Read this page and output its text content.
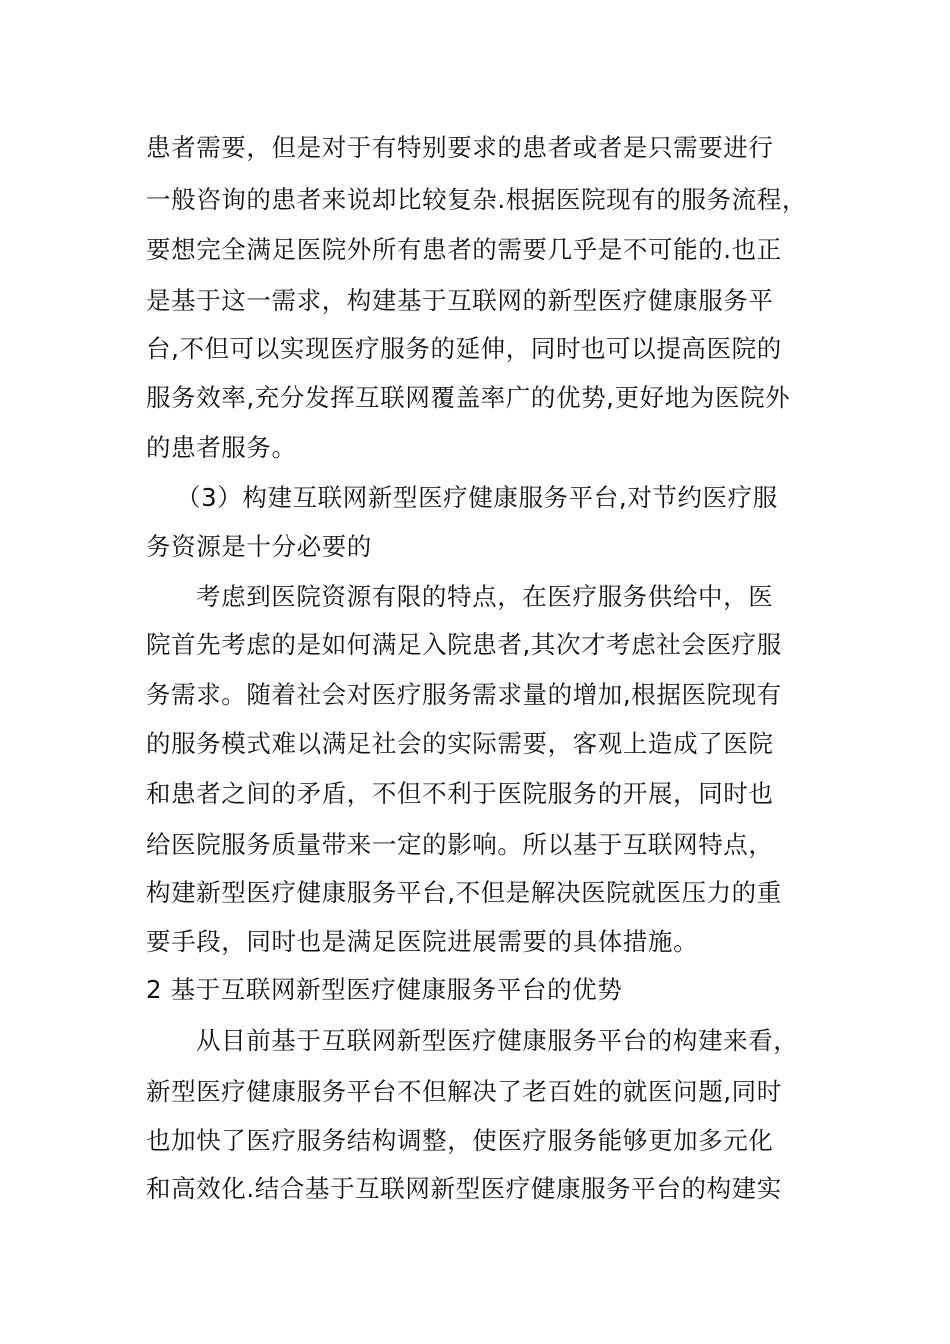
患者需要，但是对于有特别要求的患者或者是只需要进行
一般咨询的患者来说却比较复杂.根据医院现有的服务流程，
要想完全满足医院外所有患者的需要几乎是不可能的.也正
是基于这一需求，构建基于互联网的新型医疗健康服务平
台,不但可以实现医疗服务的延伸，同时也可以提高医院的
服务效率,充分发挥互联网覆盖率广的优势,更好地为医院外
的患者服务。
（3）构建互联网新型医疗健康服务平台,对节约医疗服
务资源是十分必要的
考虑到医院资源有限的特点，在医疗服务供给中，医
院首先考虑的是如何满足入院患者,其次才考虑社会医疗服
务需求。随着社会对医疗服务需求量的增加,根据医院现有
的服务模式难以满足社会的实际需要，客观上造成了医院
和患者之间的矛盾，不但不利于医院服务的开展，同时也
给医院服务质量带来一定的影响。所以基于互联网特点，
构建新型医疗健康服务平台,不但是解决医院就医压力的重
要手段，同时也是满足医院进展需要的具体措施。
2 基于互联网新型医疗健康服务平台的优势
从目前基于互联网新型医疗健康服务平台的构建来看，
新型医疗健康服务平台不但解决了老百姓的就医问题,同时
也加快了医疗服务结构调整，使医疗服务能够更加多元化
和高效化.结合基于互联网新型医疗健康服务平台的构建实
